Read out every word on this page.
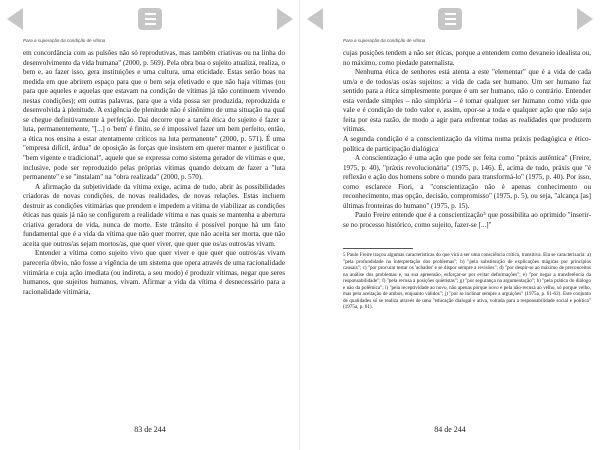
Para a superação da condição de vítima

em concordância com as pulsões não só reprodutivas, mas também criativas ou na linha do desenvolvimento da vida humana" (2000, p. 569). Pela obra boa o sujeito atualiza, realiza, o bem e, ao fazer isso, gera instituições e uma cultura, uma eticidade. Estas serão boas na medida em que abrirem espaço para que o bem seja efetivado e que não haja vítimas (ou para que aqueles e aquelas que estavam na condição de vítimas já não continuem vivendo nestas condições); em outras palavras, para que a vida possa ser produzida, reproduzida e desenvolvida à plenitude. A exigência de plenitude não é sinônimo de uma situação na qual se chegue definitivamente à perfeição. Daí decorre que a tarefa ética do sujeito é fazer a luta, permanentemente, "[...] o 'bem' é finito, se é impossível fazer um bem perfeito, então, a ética nos ensina a estar atentamente críticos na luta permanente" (2000, p. 571). É uma "empresa difícil, árdua" de oposição às forças que insistem em querer manter e justificar o "bem vigente e tradicional", aquele que se expressa como sistema gerador de vítimas e que, inclusive, pode ser reproduzido pelas próprias vítimas quando deixam de fazer a "luta permanente" e se "instalam" na "obra realizada" (2000, p. 570).

A afirmação da subjetividade da vítima exige, acima de tudo, abrir às possibilidades criadoras de novas condições, de novas realidades, de novas relações. Estas incluem destruir as condições vitimárias que prendem e impedem a vítima de viabilizar as condições éticas nas quais já não se configurem a realidade vítima e nas quais se mantenha a abertura criativa geradora de vida, nunca de morte. Este trânsito é possível porque há um fato fundamental que é a vida da vítima que não quer morrer, que não aceita ser morta, que não aceita que outros/as sejam mortos/as, que quer viver, que quer que os/as outros/as vivam.

Entender a vítima como sujeito vivo que quer viver e que quer que outros/as vivam parecería óbvio, não fosse a vigência de um sistema que opera através de uma racionalidade vitimária e cuja ação imediata (ou indireta, a seu modo) é produzir vítimas, negar que seres humanos, que sujeitos humanos, vivam. Afirmar a vida da vítima é desnecessário para a racionalidade vitimária,

83 de 244
Para a superação da condição de vítima

cujas posições tendem a não ser éticas, porque a entendem como devaneio idealista ou, no máximo, como piedade paternalista.

Nenhuma ética de senhores está atenta a este "elementar" que é a vida de cada um/a e de todos/as os/as sujeitos: a vida de cada ser humano. Um ser humano faz sentido para a ética simplesmente porque é um ser humano, não o contrário. Entender esta verdade simples – não simplória – é tomar qualquer ser humano como vida que vale e é condição de todo valor e, assim, opor-se a toda e qualquer ação que não seja feita por esta razão, de modo a agir para enfrentar todas as realidades que produzem vítimas.

A segunda condição é a conscientização da vítima numa práxis pedagógica e ético-política de participação dialógica

A conscientização é uma ação que pode ser feita como "práxis autêntica" (Freire, 1975, p. 40), "práxis revolucionária" (1975, p. 146). É, acima de tudo, práxis que "é reflexão e ação dos homens sobre o mundo para transformá-lo" (1975, p. 40). Por isso, como esclarece Fiori, a "conscientização não é apenas conhecimento ou reconhecimento, mas opção, decisão, compromisso" (1975, p. 5), ou seja, "alcança [as] últimas fronteiras do humano" (1975, p. 15).

Paulo Freire entende que é a conscientização⁵ que possibilita ao oprimido "inserir-se no processo histórico, como sujeito, fazer-se [...]"

5 Paulo Freire traçou algumas características do que virá a ser uma consciência crítica, transitiva. Ela se caracterizaria: a) "pela profundidade na interpretação dos problemas"; b) "pela substituição de explicações mágicas por princípios causais"; c) "por procurar testar os 'achados' e se dispor sempre a revisões"; d) "por despir-se ao máximo de preconceitos na análise dos problemas e, na sua apreensão, esforçar-se por evitar deformações"; e) "por negar a transferência da responsabilidade"; f) "pela recusa a posições quietistas"; g) "por segurança na argumentação"; h) "pela prática do diálogo e não da polêmica"; i) "pela receptividade ao novo, não apenas porque novo e pela não-recusa ao velho, só porque velho, mas pela aceitação de ambos, enquanto válidos"; j) "por se inclinar sempre a arguições" (1975a, p. 61-62). Este conjunto de qualidades só se realiza através de uma "educação dialogal e ativa, voltada para a responsabilidade social e política" (1975a, p. 61).

84 de 244
